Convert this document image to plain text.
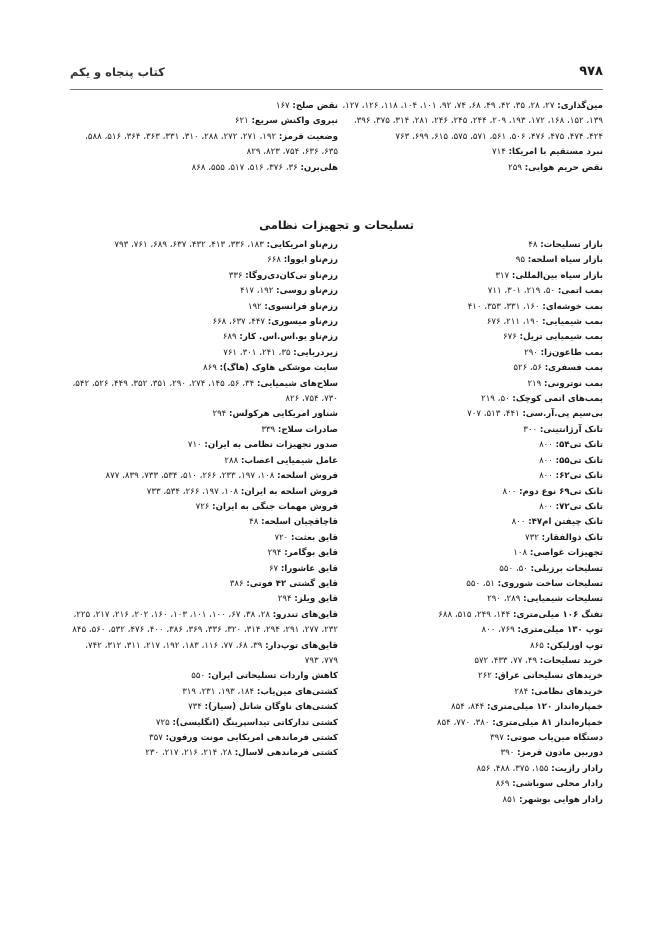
۹۷۸
کتاب پنجاه و یکم
مین‌گذاری: ۲۷، ۲۸، ۳۵، ۴۲، ۴۹، ۶۸، ۷۴، ۹۲، ۱۰۱، ۱۰۴، ۱۱۸، ۱۲۶، ۱۲۷، ۱۳۹، ۱۵۲، ۱۶۸، ۱۷۲، ۱۹۳، ۲۰۹، ۲۴۴، ۲۴۵، ۲۴۶، ۲۸۱، ۳۱۴، ۳۷۵، ۳۹۶، ۴۲۴، ۴۷۴، ۴۷۵، ۴۷۶، ۵۰۶، ۵۶۱، ۵۷۱، ۵۷۵، ۶۱۵، ۶۹۹، ۷۶۳
نبرد مستقیم با امریکا: ۷۱۴
نقض حریم هوایی: ۲۵۹
نقض صلح: ۱۶۷
نیروی واکنش سریع: ۶۲۱
وضعیت قرمز: ۱۹۲، ۲۷۱، ۲۷۲، ۲۸۸، ۳۱۰، ۳۳۱، ۳۶۳، ۳۶۴، ۵۱۶، ۵۸۸، ۶۳۵، ۶۳۶، ۷۵۴، ۸۲۳، ۸۲۹
هلی‌برن: ۳۶، ۳۷۶، ۵۱۶، ۵۱۷، ۵۵۵، ۸۶۸
تسلیحات و تجهیزات نظامی
بازار تسلیحات: ۴۸
بازار سیاه اسلحه: ۹۵
بازار سیاه بین‌المللی: ۳۱۷
بمب اتمی: ۵۰، ۲۱۹، ۳۰۱، ۷۱۱
بمب خوشه‌ای: ۱۶۰، ۳۳۱، ۳۵۳، ۴۱۰
بمب شیمیایی: ۱۹۰، ۲۱۱، ۶۷۶
بمب شیمیایی تریل: ۶۷۶
بمب طاعون‌زا: ۲۹۰
بمب فسفری: ۵۶، ۵۲۶
بمب نوترونی: ۲۱۹
بمب‌های اتمی کوچک: ۵۰، ۲۱۹
بی‌سیم پی.آر.سی: ۴۴۱، ۵۱۳، ۷۰۷
تانک آرژانتینی: ۳۰۰
تانک تی۵۴: ۸۰۰
تانک تی۵۵: ۸۰۰
تانک تی۶۲: ۸۰۰
تانک تی۶۹ نوع دوم: ۸۰۰
تانک تی۷۲: ۸۰۰
تانک چیفتن ام۴۷: ۸۰۰
تانک ذوالفقار: ۷۳۲
تجهیزات غواصی: ۱۰۸
تسلیحات برزیلی: ۵۰، ۵۵۰
تسلیحات ساخت شوروی: ۵۱، ۵۵۰
تسلیحات شیمیایی: ۲۸۹، ۲۹۰
تفنگ ۱۰۶ میلی‌متری: ۱۴۴، ۲۴۹، ۵۱۵، ۶۸۸
توپ ۱۳۰ میلی‌متری: ۷۶۹، ۸۰۰
توپ اورلیکن: ۸۶۵
خرید تسلیحات: ۴۹، ۷۷، ۴۳۳، ۵۷۲
خریدهای تسلیحاتی عراق: ۲۶۲
خریدهای نظامی: ۲۸۴
خمپاره‌انداز ۱۲۰ میلی‌متری: ۸۴۴، ۸۵۴
خمپاره‌انداز ۸۱ میلی‌متری: ۳۸۰، ۷۷۰، ۸۵۴
دستگاه مین‌یاب صوتی: ۳۹۷
دوربین مادون قرمز: ۳۹۰
رادار رازیت: ۱۵۵، ۳۷۵، ۴۸۸، ۸۵۶
رادار محلی سوباشی: ۸۶۹
رادار هوایی بوشهر: ۸۵۱
رزم‌ناو امریکایی: ۱۸۳، ۳۳۶، ۴۱۳، ۴۳۲، ۶۳۷، ۶۸۹، ۷۶۱، ۷۹۳
رزم‌ناو ایووا: ۶۶۸
رزم‌ناو تی‌کان‌دی‌روگا: ۳۳۶
رزم‌ناو روسی: ۱۹۲، ۴۱۷
رزم‌ناو فرانسوی: ۱۹۲
رزم‌ناو میسوری: ۴۴۷، ۶۳۷، ۶۶۸
رزم‌ناو یو.اس.اس. کار: ۶۸۹
زیردریایی: ۳۵، ۲۴۱، ۳۰۱، ۷۶۱
سایت موشکی هاوک (هاگ): ۸۶۹
سلاح‌های شیمیایی: ۳۴، ۵۶، ۱۴۵، ۲۷۴، ۲۹۰، ۳۵۱، ۳۵۲، ۴۴۹، ۵۲۶، ۵۴۲، ۷۳۰، ۷۵۴، ۸۲۶
شناور امریکایی هرکولس: ۲۹۴
صادرات سلاح: ۳۳۹
صدور تجهیزات نظامی به ایران: ۷۱۰
عامل شیمیایی اعصاب: ۲۸۸
فروش اسلحه: ۱۰۸، ۱۹۷، ۲۳۳، ۲۶۶، ۵۱۰، ۵۳۴، ۷۳۳، ۸۳۹، ۸۷۷
فروش اسلحه به ایران: ۱۰۸، ۱۹۷، ۲۶۶، ۵۳۴، ۷۳۳
فروش مهمات جنگی به ایران: ۷۲۶
قاچاقچیان اسلحه: ۴۸
قایق بعثت: ۷۲۰
قایق بوگامر: ۲۹۴
قایق عاشورا: ۶۷
قایق گشتی ۴۲ فوتی: ۳۸۶
قایق ویلز: ۲۹۴
قایق‌های تندرو: ۲۸، ۳۸، ۶۷، ۱۰۰، ۱۰۱، ۱۰۳، ۱۶۰، ۲۰۲، ۲۱۶، ۲۱۷، ۲۲۵، ۲۳۲، ۲۷۷، ۲۹۱، ۲۹۴، ۳۱۴، ۳۲۰، ۳۳۶، ۳۶۹، ۳۸۶، ۴۰۰، ۴۷۶، ۵۳۲، ۵۶۰، ۸۴۵
قایق‌های توپ‌دار: ۳۹، ۶۸، ۷۷، ۱۱۶، ۱۸۳، ۱۹۲، ۲۱۷، ۳۱۱، ۳۱۲، ۷۴۲، ۷۷۹، ۷۹۳
کاهش واردات تسلیحاتی ایران: ۵۵۰
کشتی‌های مین‌یاب: ۱۸۴، ۱۹۳، ۲۳۱، ۳۱۹
کشتی‌های ناوگان شاتل (سیار): ۷۳۴
کشتی تدارکاتی تیداسپرینگ (انگلیسی): ۷۲۵
کشتی فرماندهی امریکایی مونت ورفون: ۳۵۷
کشتی فرماندهی لاسال: ۲۸، ۲۱۴، ۲۱۶، ۲۱۷، ۲۳۰
